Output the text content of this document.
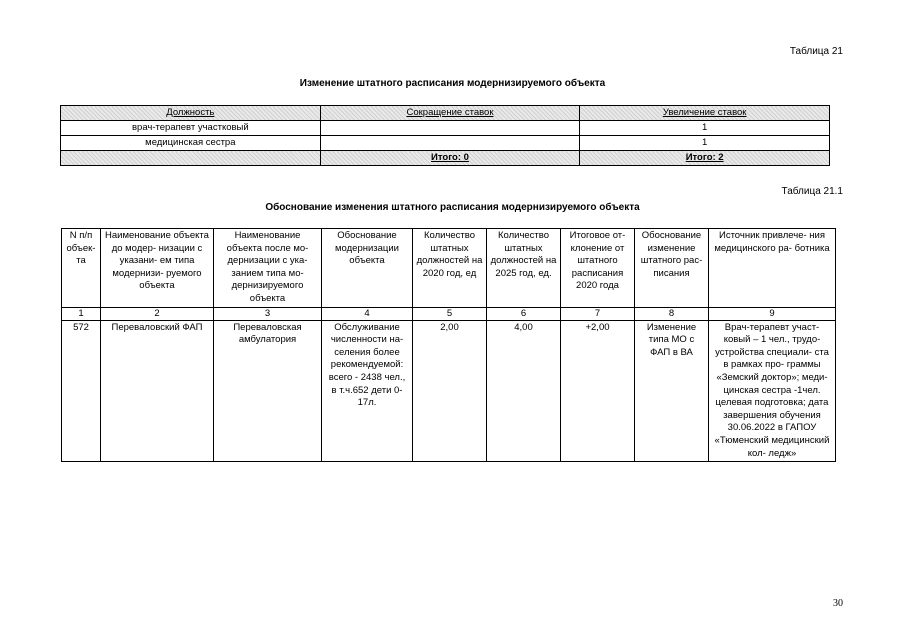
Таблица 21
Изменение штатного расписания модернизируемого объекта
Должность	Сокращение ставок	Увеличение ставок
врач-терапевт участковый		1
медицинская сестра		1
	Итого: 0	Итого: 2
Таблица 21.1
Обоснование изменения штатного расписания модернизируемого объекта
N п/п объек- та	Наименование объекта до модер- низации с указани- ем типа модернизи- руемого объекта	Наименование объекта после мо- дернизации с ука- занием типа мо- дернизируемого объекта	Обоснование модернизации объекта	Количество штатных должностей на 2020 год, ед	Количество штатных должностей на 2025 год, ед.	Итоговое от- клонение от штатного расписания 2020 года	Обоснование изменение штатного рас- писания	Источник привлече- ния медицинского ра- ботника
1	2	3	4	5	6	7	8	9
572	Переваловский ФАП	Переваловская амбулатория	Обслуживание численности на- селения более рекомендуемой: всего - 2438 чел., в т.ч.652 дети 0-17л.	2,00	4,00	+2,00	Изменение типа МО с ФАП в ВА	Врач-терапевт участ- ковый – 1 чел., трудо- устройства специали- ста в рамках про- граммы «Земский доктор»; меди- цинская сестра -1чел. целевая подготовка; дата завершения обучения 30.06.2022 в ГАПОУ «Тюменский медицинский кол- ледж»
30
